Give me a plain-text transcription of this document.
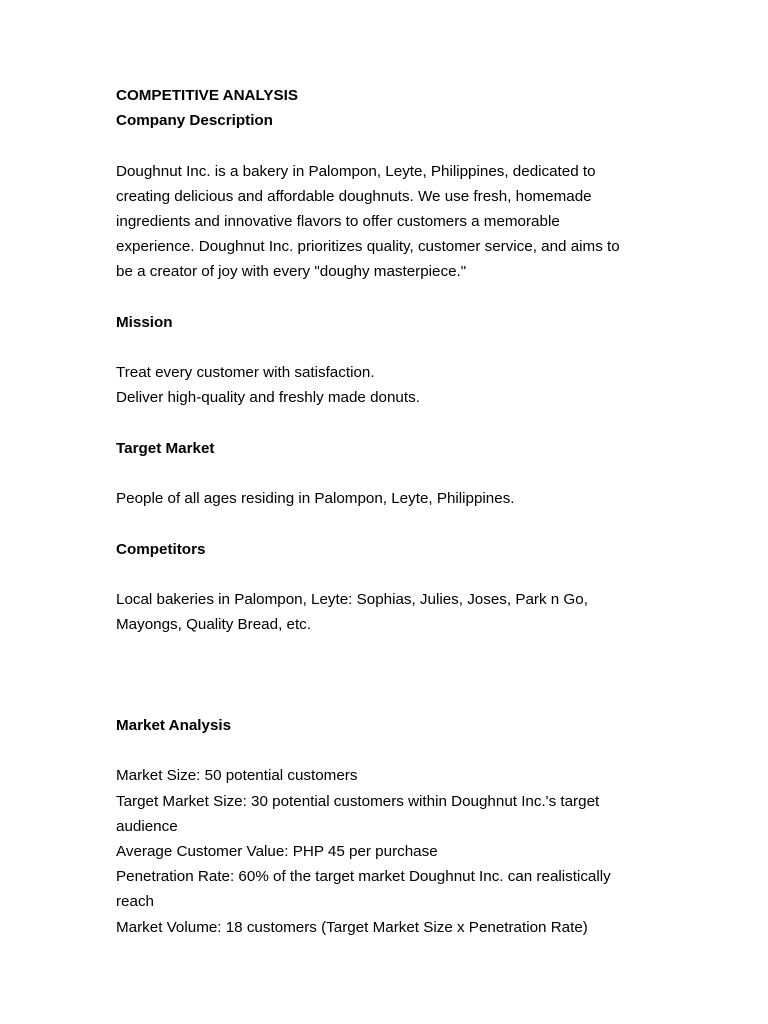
COMPETITIVE ANALYSIS
Company Description
Doughnut Inc. is a bakery in Palompon, Leyte, Philippines, dedicated to
creating delicious and affordable doughnuts. We use fresh, homemade
ingredients and innovative flavors to offer customers a memorable
experience. Doughnut Inc. prioritizes quality, customer service, and aims to
be a creator of joy with every "doughy masterpiece."
Mission
Treat every customer with satisfaction.
Deliver high-quality and freshly made donuts.
Target Market
People of all ages residing in Palompon, Leyte, Philippines.
Competitors
Local bakeries in Palompon, Leyte: Sophias, Julies, Joses, Park n Go,
Mayongs, Quality Bread, etc.
Market Analysis
Market Size: 50 potential customers
Target Market Size: 30 potential customers within Doughnut Inc.'s target
audience
Average Customer Value: PHP 45 per purchase
Penetration Rate: 60% of the target market Doughnut Inc. can realistically
reach
Market Volume: 18 customers (Target Market Size x Penetration Rate)
